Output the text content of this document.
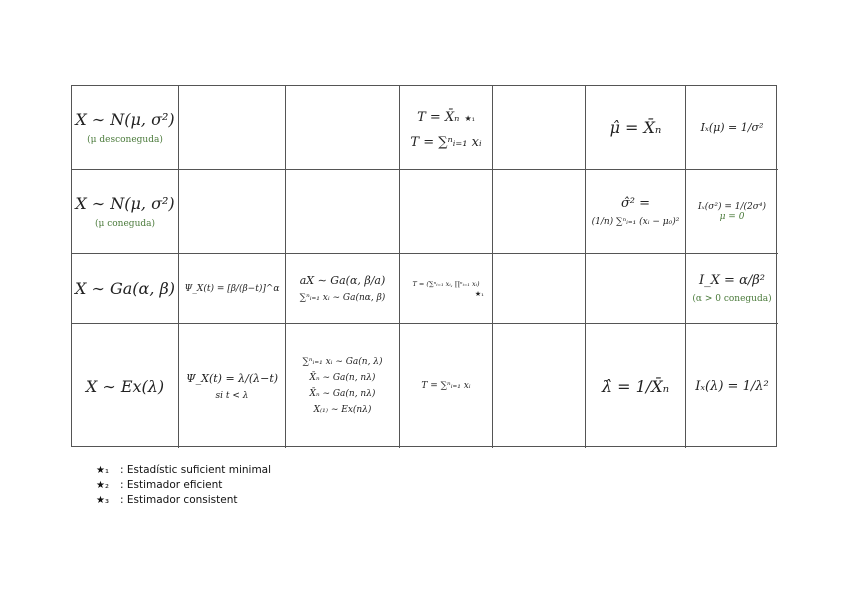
X ∼ N(μ, σ²)
(μ desconeguda)
T = X̄ₙ ★₁
T = ∑ⁿᵢ₌₁ xᵢ
μ̂ = X̄ₙ	Iₓ(μ) = 1/σ²
X ∼ N(μ, σ²)
(μ coneguda)
σ̂² =
(1/n) ∑ⁿᵢ₌₁ (xᵢ − μ₀)²
Iₓ(σ²) = 1/(2σ⁴)
μ = 0
X ∼ Ga(α, β) Ψ_X(t) = [β/(β−t)]^α
aX ∼ Ga(α, β/a)
∑ⁿᵢ₌₁ xᵢ ∼ Ga(nα, β)
T = (∑ⁿᵢ₌₁ xᵢ, ∏ⁿᵢ₌₁ xᵢ)
★₁
I_X = α/β²
(α > 0 coneguda)
X ∼ Ex(λ) Ψ_X(t) = λ/(λ−t)
si t < λ
∑ⁿᵢ₌₁ xᵢ ∼ Ga(n, λ)
X̄ₙ ∼ Ga(n, nλ)
X̄ₙ ∼ Ga(n, nλ)
X₍₁₎ ∼ Ex(nλ)
T = ∑ⁿᵢ₌₁ xᵢ	λ̂ = 1/X̄ₙ Iₓ(λ) = 1/λ²
★₁ : Estadístic suficient minimal
★₂ : Estimador eficient
★₃ : Estimador consistent
